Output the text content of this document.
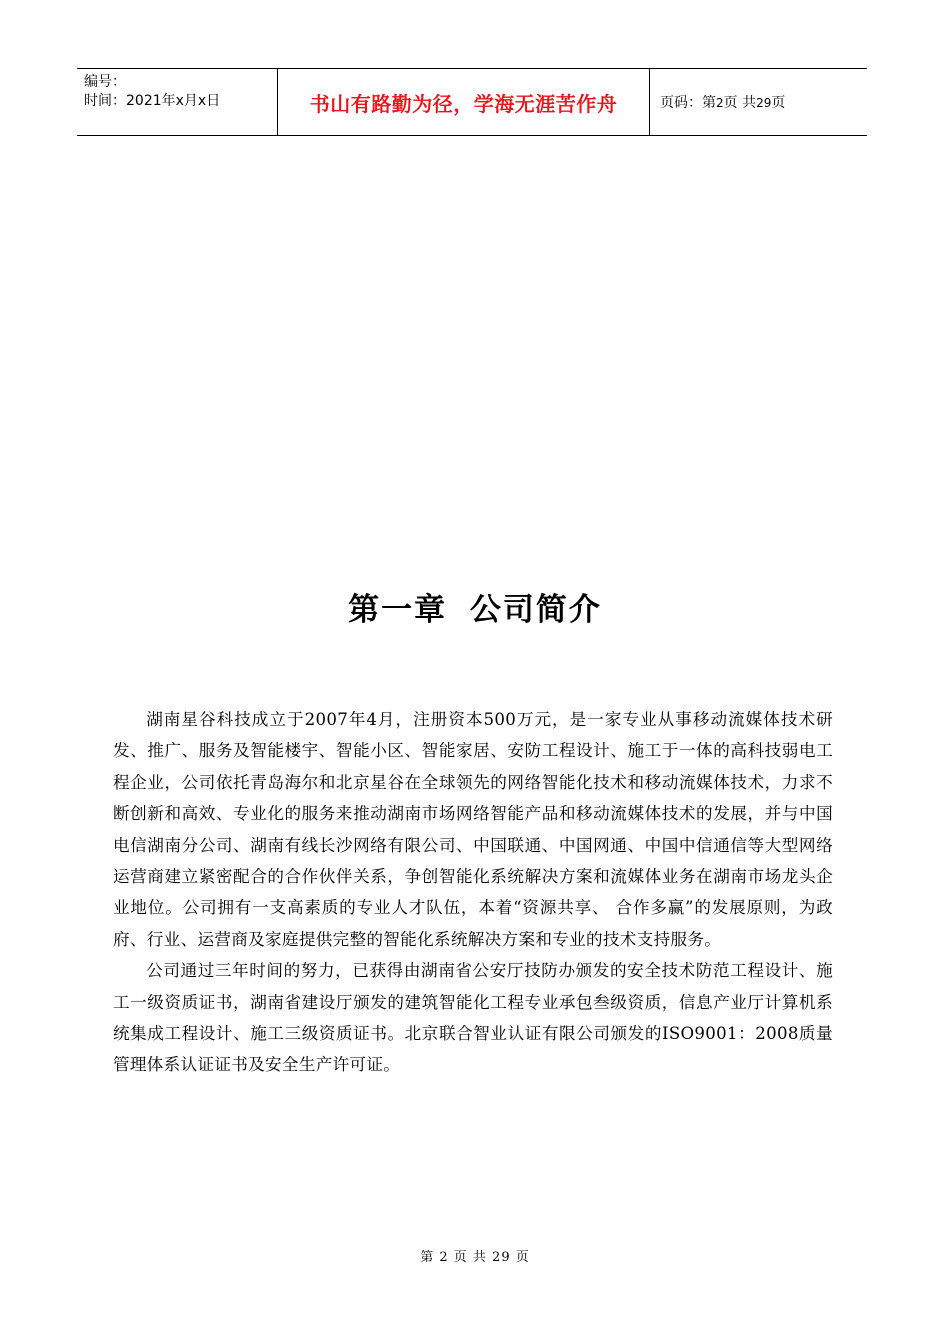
编号：
时间：2021年x月x日	书山有路勤为径，学海无涯苦作舟	页码：第2页 共29页
第一章 公司简介

湖南星谷科技成立于2007年4月，注册资本500万元，是一家专业从事移动流媒体技术研发、推广、服务及智能楼宇、智能小区、智能家居、安防工程设计、施工于一体的高科技弱电工程企业，公司依托青岛海尔和北京星谷在全球领先的网络智能化技术和移动流媒体技术，力求不断创新和高效、专业化的服务来推动湖南市场网络智能产品和移动流媒体技术的发展，并与中国电信湖南分公司、湖南有线长沙网络有限公司、中国联通、中国网通、中国中信通信等大型网络运营商建立紧密配合的合作伙伴关系，争创智能化系统解决方案和流媒体业务在湖南市场龙头企业地位。公司拥有一支高素质的专业人才队伍，本着“资源共享、 合作多赢”的发展原则，为政府、行业、运营商及家庭提供完整的智能化系统解决方案和专业的技术支持服务。

公司通过三年时间的努力，已获得由湖南省公安厅技防办颁发的安全技术防范工程设计、施工一级资质证书，湖南省建设厅颁发的建筑智能化工程专业承包叁级资质，信息产业厅计算机系统集成工程设计、施工三级资质证书。北京联合智业认证有限公司颁发的ISO9001：2008质量管理体系认证证书及安全生产许可证。

第 2 页 共 29 页
